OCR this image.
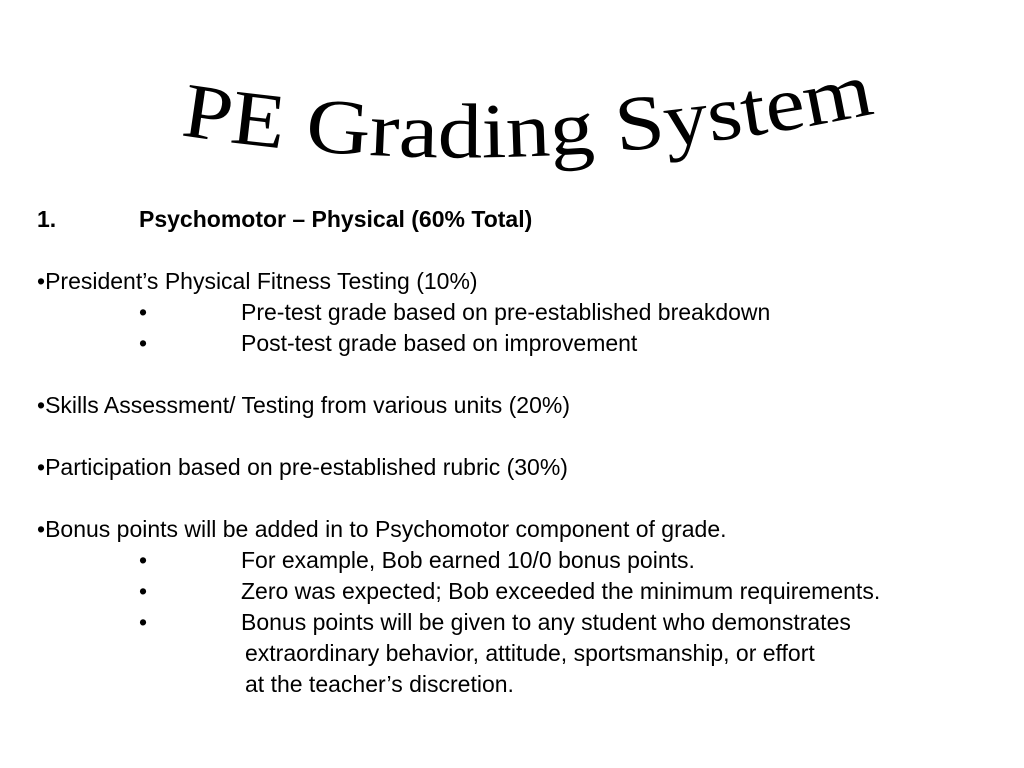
PE Grading System
1.	Psychomotor – Physical (60% Total)
•President’s Physical Fitness Testing (10%)
•	Pre-test grade based on pre-established breakdown
•	Post-test grade based on improvement
•Skills Assessment/ Testing from various units (20%)
•Participation based on pre-established rubric (30%)
•Bonus points will be added in to Psychomotor component of grade.
•	For example, Bob earned 10/0 bonus points.
•	Zero was expected; Bob exceeded the minimum requirements.
•	Bonus points will be given to any student who demonstrates
extraordinary behavior, attitude, sportsmanship, or effort
at the teacher’s discretion.
